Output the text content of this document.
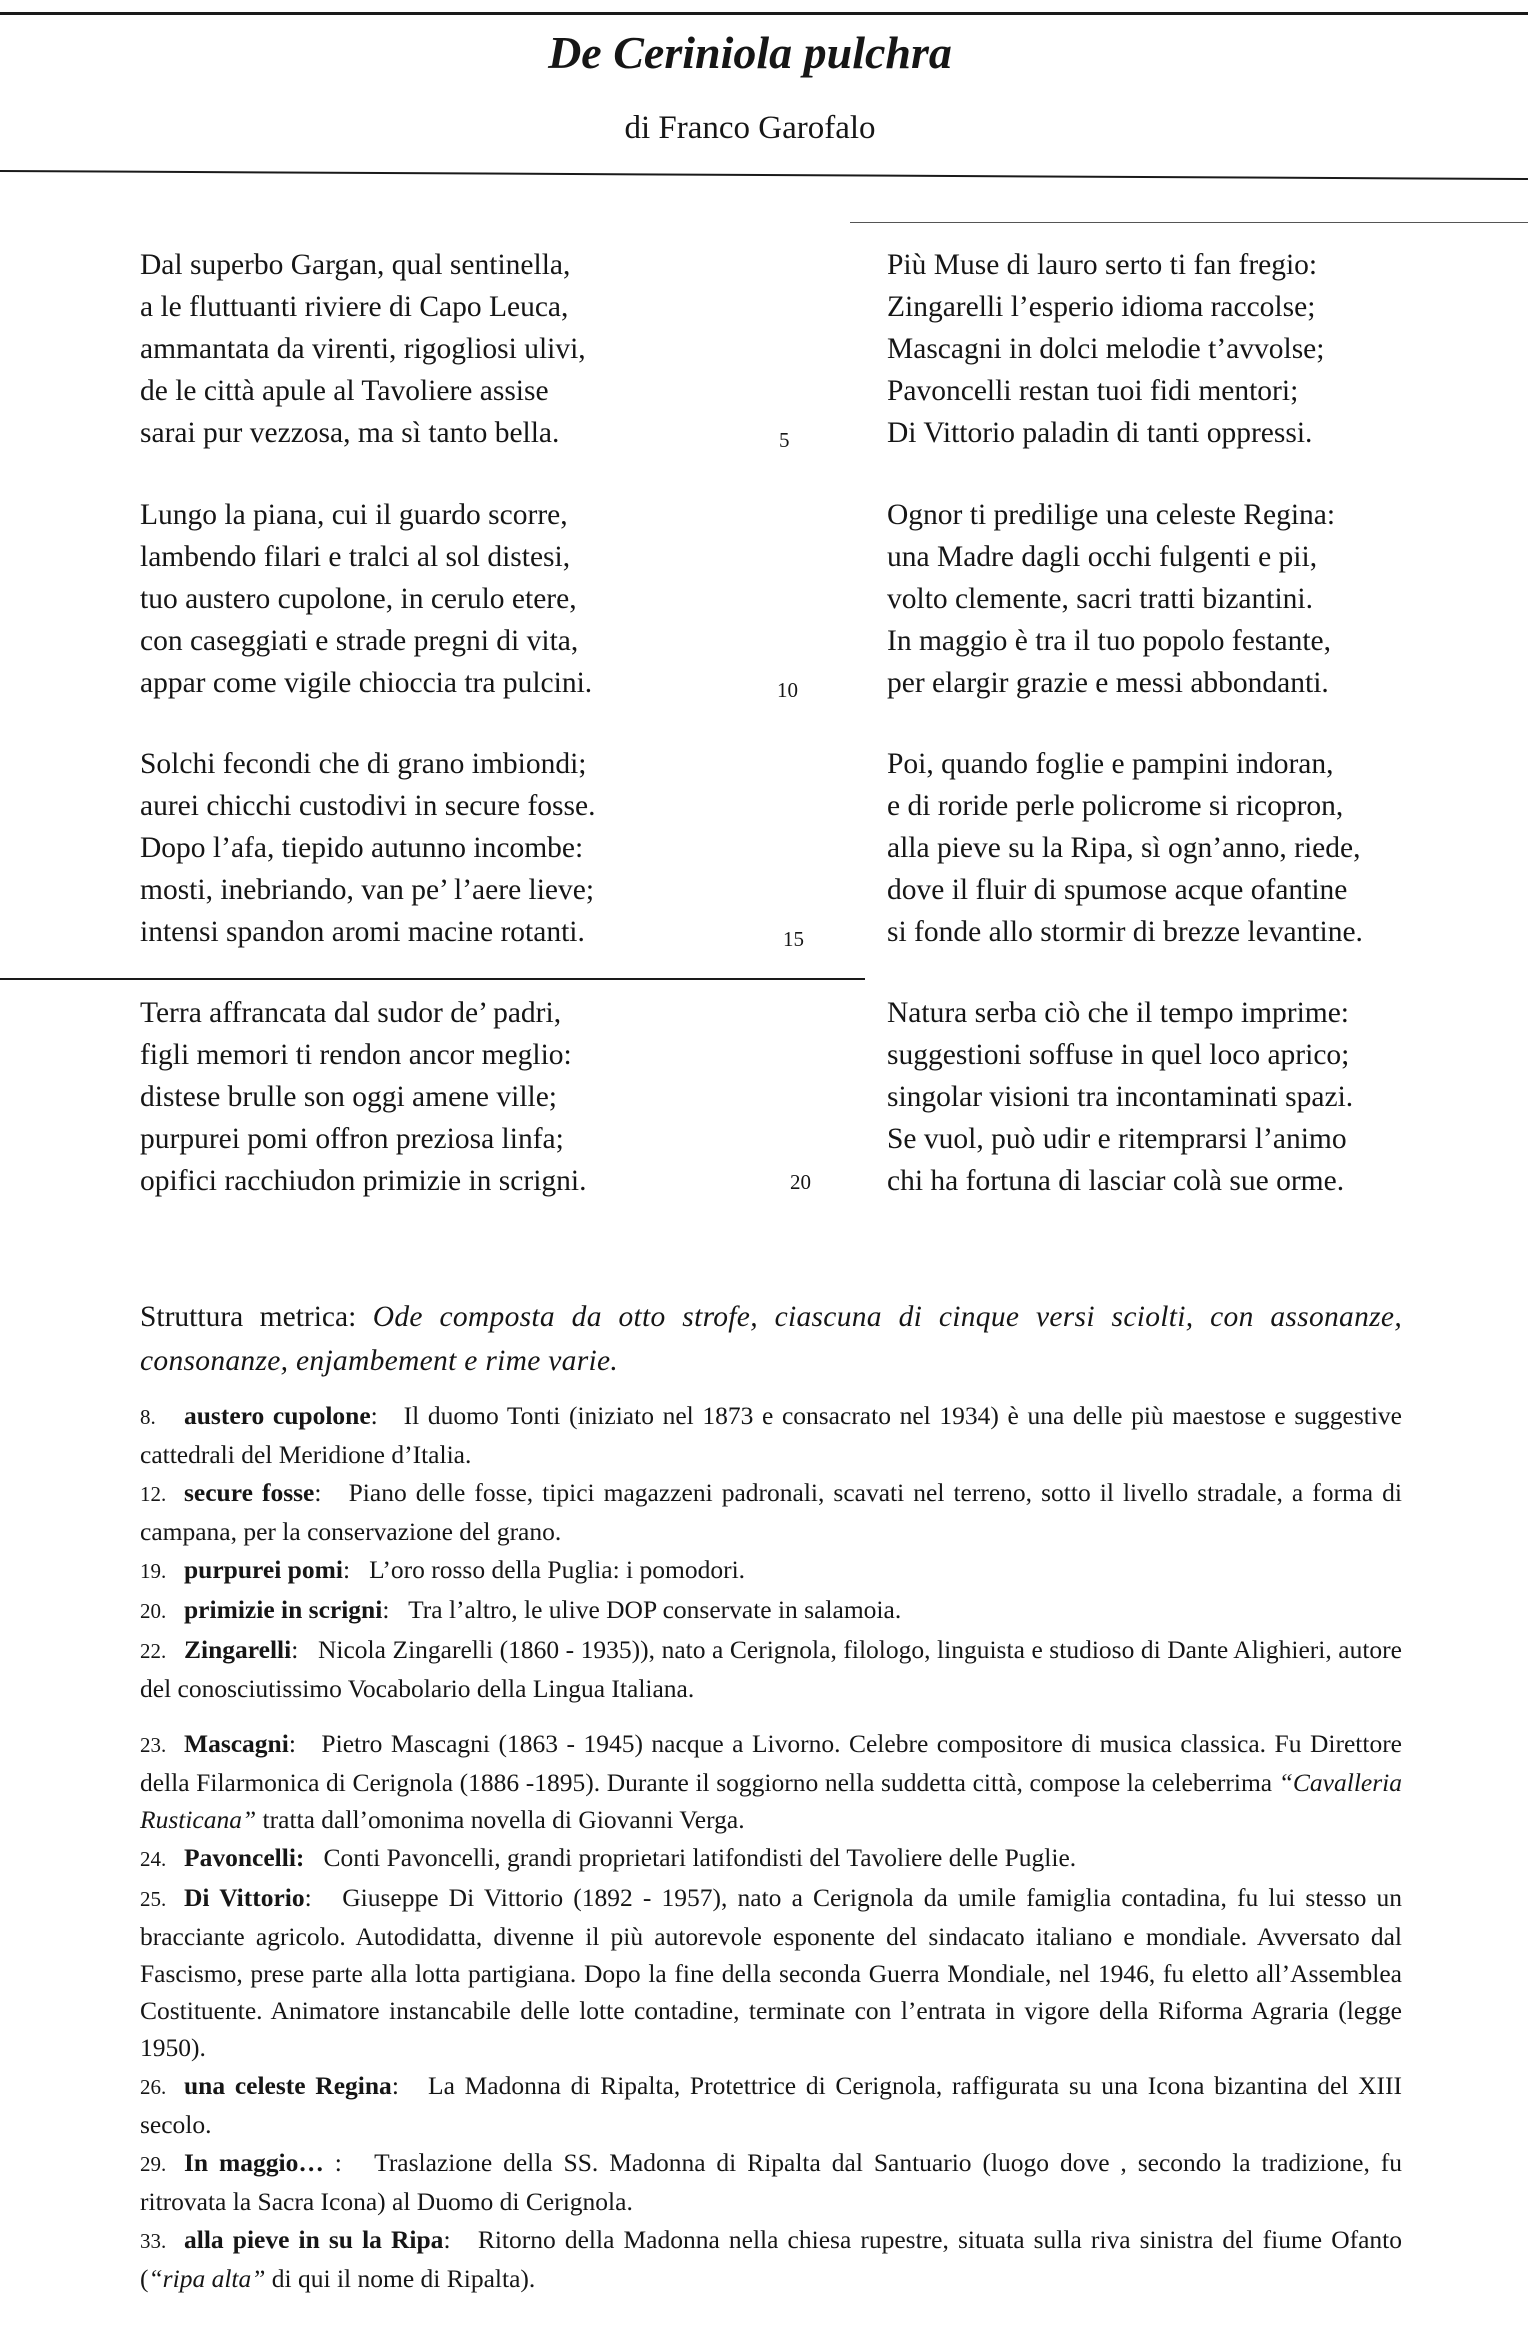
De Ceriniola pulchra
di Franco Garofalo
Dal superbo Gargan, qual sentinella,
a le fluttuanti riviere di Capo Leuca,
ammantata da virenti, rigogliosi ulivi,
de le città apule al Tavoliere assise
sarai pur vezzosa, ma sì tanto bella.
Lungo la piana, cui il guardo scorre,
lambendo filari e tralci al sol distesi,
tuo austero cupolone, in cerulo etere,
con caseggiati e strade pregni di vita,
appar come vigile chioccia tra pulcini.
Solchi fecondi che di grano imbiondi;
aurei chicchi custodivi in secure fosse.
Dopo l’afa, tiepido autunno incombe:
mosti, inebriando, van pe’ l’aere lieve;
intensi spandon aromi macine rotanti.
Terra affrancata dal sudor de’ padri,
figli memori ti rendon ancor meglio:
distese brulle son oggi amene ville;
purpurei pomi offron preziosa linfa;
opifici racchiudon primizie in scrigni.
Più Muse di lauro serto ti fan fregio:
Zingarelli l’esperio idioma raccolse;
Mascagni in dolci melodie t’avvolse;
Pavoncelli restan tuoi fidi mentori;
Di Vittorio paladin di tanti oppressi.
Ognor ti predilige una celeste Regina:
una Madre dagli occhi fulgenti e pii,
volto clemente, sacri tratti bizantini.
In maggio è tra il tuo popolo festante,
per elargir grazie e messi abbondanti.
Poi, quando foglie e pampini indoran,
e di roride perle policrome si ricopron,
alla pieve su la Ripa, sì ogn’anno, riede,
dove il fluir di spumose acque ofantine
si fonde allo stormir di brezze levantine.
Natura serba ciò che il tempo imprime:
suggestioni soffuse in quel loco aprico;
singolar visioni tra incontaminati spazi.
Se vuol, può udir e ritemprarsi l’animo
chi ha fortuna di lasciar colà sue orme.
5
10
15
20
Struttura metrica: Ode composta da otto strofe, ciascuna di cinque versi sciolti, con assonanze, consonanze, enjambement e rime varie.
8. austero cupolone: Il duomo Tonti (iniziato nel 1873 e consacrato nel 1934) è una delle più maestose e suggestive cattedrali del Meridione d’Italia.
12. secure fosse: Piano delle fosse, tipici magazzeni padronali, scavati nel terreno, sotto il livello stradale, a forma di campana, per la conservazione del grano.
19. purpurei pomi: L’oro rosso della Puglia: i pomodori.
20. primizie in scrigni: Tra l’altro, le ulive DOP conservate in salamoia.
22. Zingarelli: Nicola Zingarelli (1860 - 1935)), nato a Cerignola, filologo, linguista e studioso di Dante Alighieri, autore del conosciutissimo Vocabolario della Lingua Italiana.
23. Mascagni: Pietro Mascagni (1863 - 1945) nacque a Livorno. Celebre compositore di musica classica. Fu Direttore della Filarmonica di Cerignola (1886 -1895). Durante il soggiorno nella suddetta città, compose la celeberrima “Cavalleria Rusticana” tratta dall’omonima novella di Giovanni Verga.
24. Pavoncelli: Conti Pavoncelli, grandi proprietari latifondisti del Tavoliere delle Puglie.
25. Di Vittorio: Giuseppe Di Vittorio (1892 - 1957), nato a Cerignola da umile famiglia contadina, fu lui stesso un bracciante agricolo. Autodidatta, divenne il più autorevole esponente del sindacato italiano e mondiale. Avversato dal Fascismo, prese parte alla lotta partigiana. Dopo la fine della seconda Guerra Mondiale, nel 1946, fu eletto all’Assemblea Costituente. Animatore instancabile delle lotte contadine, terminate con l’entrata in vigore della Riforma Agraria (legge 1950).
26. una celeste Regina: La Madonna di Ripalta, Protettrice di Cerignola, raffigurata su una Icona bizantina del XIII secolo.
29. In maggio… : Traslazione della SS. Madonna di Ripalta dal Santuario (luogo dove , secondo la tradizione, fu ritrovata la Sacra Icona) al Duomo di Cerignola.
33. alla pieve in su la Ripa: Ritorno della Madonna nella chiesa rupestre, situata sulla riva sinistra del fiume Ofanto (“ripa alta” di qui il nome di Ripalta).
